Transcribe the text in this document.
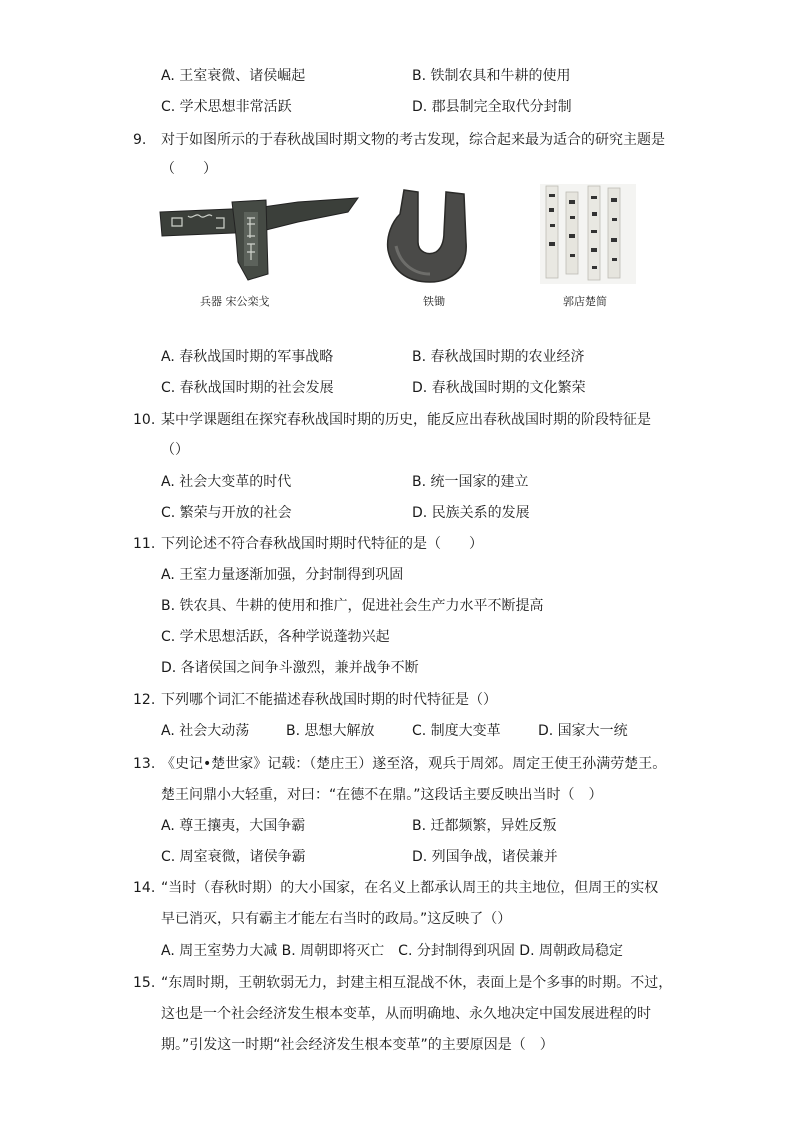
A. 王室衰微、诸侯崛起	B. 铁制农具和牛耕的使用
C. 学术思想非常活跃	D. 郡县制完全取代分封制
9. 对于如图所示的于春秋战国时期文物的考古发现，综合起来最为适合的研究主题是
（　　）
兵器 宋公栾戈	铁锄	郭店楚简
A. 春秋战国时期的军事战略	B. 春秋战国时期的农业经济
C. 春秋战国时期的社会发展	D. 春秋战国时期的文化繁荣
10. 某中学课题组在探究春秋战国时期的历史，能反应出春秋战国时期的阶段特征是
（）
A. 社会大变革的时代	B. 统一国家的建立
C. 繁荣与开放的社会	D. 民族关系的发展
11. 下列论述不符合春秋战国时期时代特征的是（　　）
A. 王室力量逐渐加强，分封制得到巩固
B. 铁农具、牛耕的使用和推广，促进社会生产力水平不断提高
C. 学术思想活跃，各种学说蓬勃兴起
D. 各诸侯国之间争斗激烈，兼并战争不断
12. 下列哪个词汇不能描述春秋战国时期的时代特征是（）
A. 社会大动荡	B. 思想大解放	C. 制度大变革	D. 国家大一统
13. 《史记•楚世家》记载：（楚庄王）遂至洛，观兵于周郊。周定王使王孙满劳楚王。
楚王问鼎小大轻重，对曰：“在德不在鼎。”这段话主要反映出当时（　）
A. 尊王攘夷，大国争霸	B. 迁都频繁，异姓反叛
C. 周室衰微，诸侯争霸	D. 列国争战，诸侯兼并
14. “当时（春秋时期）的大小国家，在名义上都承认周王的共主地位，但周王的实权
早已消灭，只有霸主才能左右当时的政局。”这反映了（）
A. 周王室势力大减 B. 周朝即将灭亡　C. 分封制得到巩固 D. 周朝政局稳定
15. “东周时期，王朝软弱无力，封建主相互混战不休，表面上是个多事的时期。不过，
这也是一个社会经济发生根本变革，从而明确地、永久地决定中国发展进程的时
期。”引发这一时期“社会经济发生根本变革”的主要原因是（　）
